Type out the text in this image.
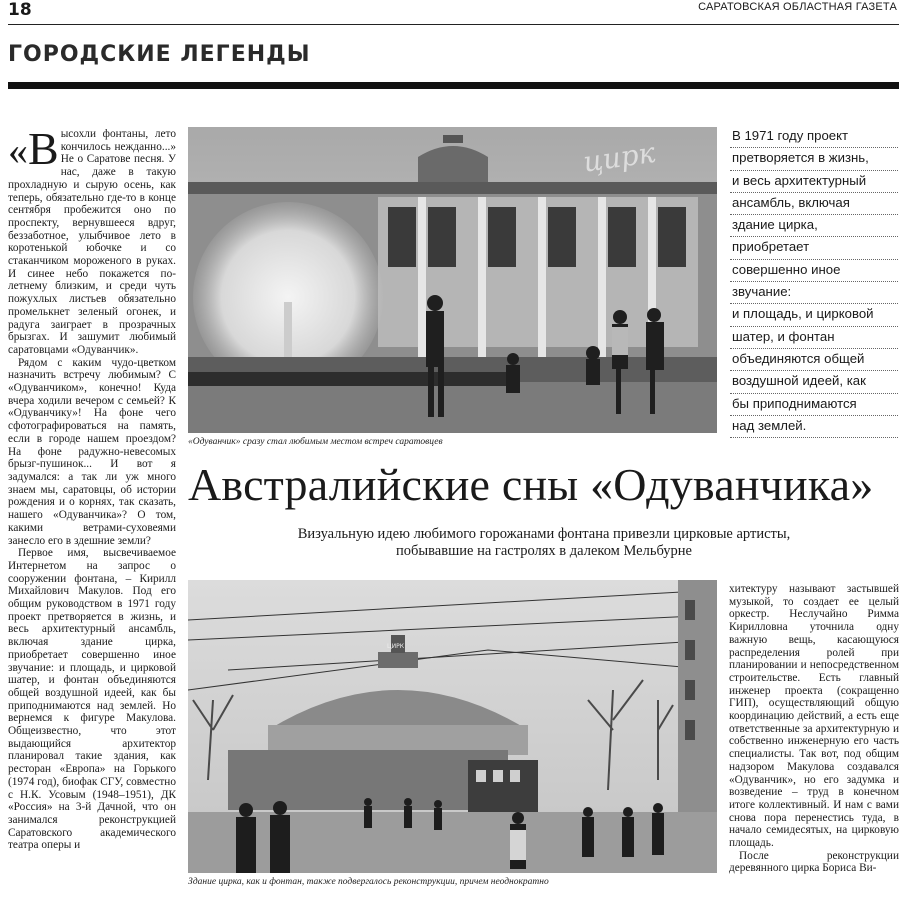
18	САРАТОВСКАЯ ОБЛАСТНАЯ ГАЗЕТА
ГОРОДСКИЕ ЛЕГЕНДЫ

«В ысохли фонтаны, лето кончилось нежданно...» Не о Саратове песня. У нас, даже в такую прохладную и сырую осень, как теперь, обязательно где-то в конце сентября пробежится оно по проспекту, вернувшееся вдруг, беззаботное, улыбчивое лето в коротенькой юбочке и со стаканчиком мороженого в руках. И синее небо покажется по-летнему близким, и среди чуть пожухлых листьев обязательно промелькнет зеленый огонек, и радуга заиграет в прозрачных брызгах. И зашумит любимый саратовцами «Одуванчик».

Рядом с каким чудо-цветком назначить встречу любимым? С «Одуванчиком», конечно! Куда вчера ходили вечером с семьей? К «Одуванчику»! На фоне чего сфотографироваться на память, если в городе нашем проездом? На фоне радужно-невесомых брызг-пушинок... И вот я задумался: а так ли уж много знаем мы, саратовцы, об истории рождения и о корнях, так сказать, нашего «Одуванчика»? О том, какими ветрами-суховеями занесло его в здешние земли?

Первое имя, высвечиваемое Интернетом на запрос о сооружении фонтана, – Кирилл Михайлович Макулов. Под его общим руководством в 1971 году проект претворяется в жизнь, и весь архитектурный ансамбль, включая здание цирка, приобретает совершенно иное звучание: и площадь, и цирковой шатер, и фонтан объединяются общей воздушной идеей, как бы приподнимаются над землей. Но вернемся к фигуре Макулова. Общеизвестно, что этот выдающийся архитектор планировал такие здания, как ресторан «Европа» на Горького (1974 год), биофак СГУ, совместно с Н.К. Усовым (1948–1951), ДК «Россия» на 3-й Дачной, что он занимался реконструкцией Саратовского академического театра оперы и

цирк
«Одуванчик» сразу стал любимым местом встреч саратовцев
В 1971 году проект
претворяется в жизнь,
и весь архитектурный
ансамбль, включая
здание цирка,
приобретает
совершенно иное
звучание:
и площадь, и цирковой
шатер, и фонтан
объединяются общей
воздушной идеей, как
бы приподнимаются
над землей.
Австралийские сны «Одуванчика»
Визуальную идею любимого горожанами фонтана привезли цирковые артисты,
побывавшие на гастролях в далеком Мельбурне
ЦИРК
Здание цирка, как и фонтан, также подвергалось реконструкции, причем неоднократно

хитектуру называют застывшей музыкой, то создает ее целый оркестр. Неслучайно Римма Кирилловна уточнила одну важную вещь, касающуюся распределения ролей при планировании и непосредственном строительстве. Есть главный инженер проекта (сокращенно ГИП), осуществляющий общую координацию действий, а есть еще ответственные за архитектурную и собственно инженерную его часть специалисты. Так вот, под общим надзором Макулова создавался «Одуванчик», но его задумка и возведение – труд в конечном итоге коллективный. И нам с вами снова пора перенестись туда, в начало семидесятых, на цирковую площадь.

После реконструкции деревянного цирка Бориса Ви-
